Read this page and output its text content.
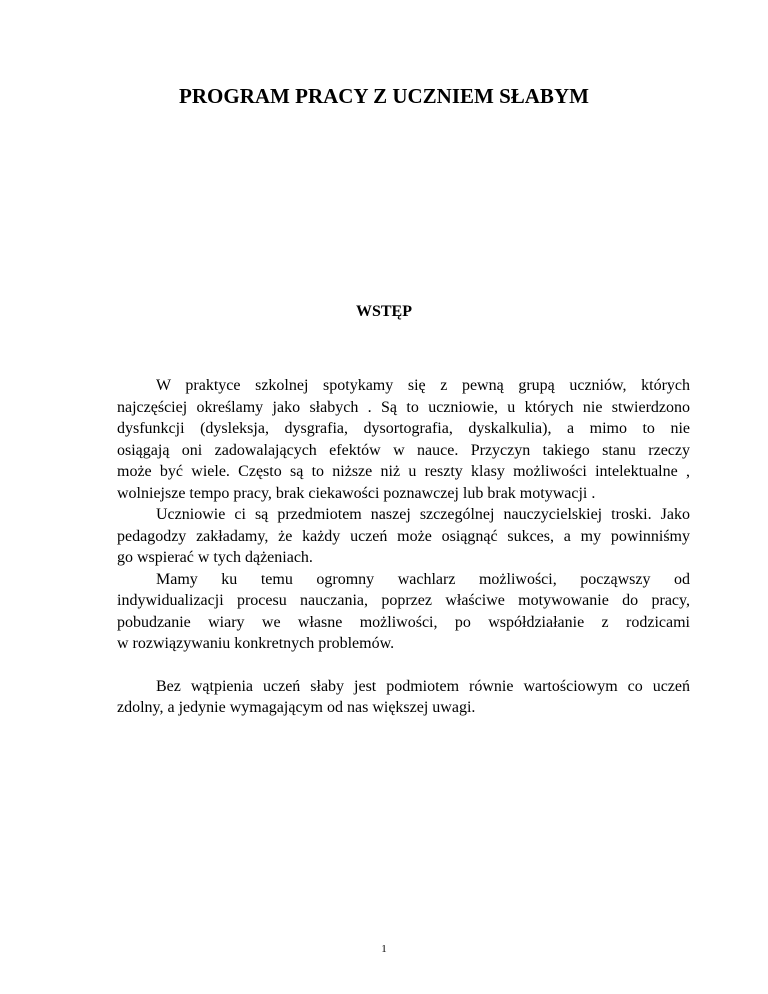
PROGRAM PRACY Z UCZNIEM SŁABYM
WSTĘP

W praktyce szkolnej spotykamy się z pewną grupą uczniów, których
najczęściej określamy jako słabych . Są to uczniowie, u których nie stwierdzono
dysfunkcji (dysleksja, dysgrafia, dysortografia, dyskalkulia), a mimo to nie
osiągają oni zadowalających efektów w nauce. Przyczyn takiego stanu rzeczy
może być wiele. Często są to niższe niż u reszty klasy możliwości intelektualne ,
wolniejsze tempo pracy, brak ciekawości poznawczej lub brak motywacji .

Uczniowie ci są przedmiotem naszej szczególnej nauczycielskiej troski. Jako
pedagodzy zakładamy, że każdy uczeń może osiągnąć sukces, a my powinniśmy
go wspierać w tych dążeniach.

Mamy ku temu ogromny wachlarz możliwości, począwszy od
indywidualizacji procesu nauczania, poprzez właściwe motywowanie do pracy,
pobudzanie wiary we własne możliwości, po współdziałanie z rodzicami
w rozwiązywaniu konkretnych problemów.

Bez wątpienia uczeń słaby jest podmiotem równie wartościowym co uczeń
zdolny, a jedynie wymagającym od nas większej uwagi.

1
